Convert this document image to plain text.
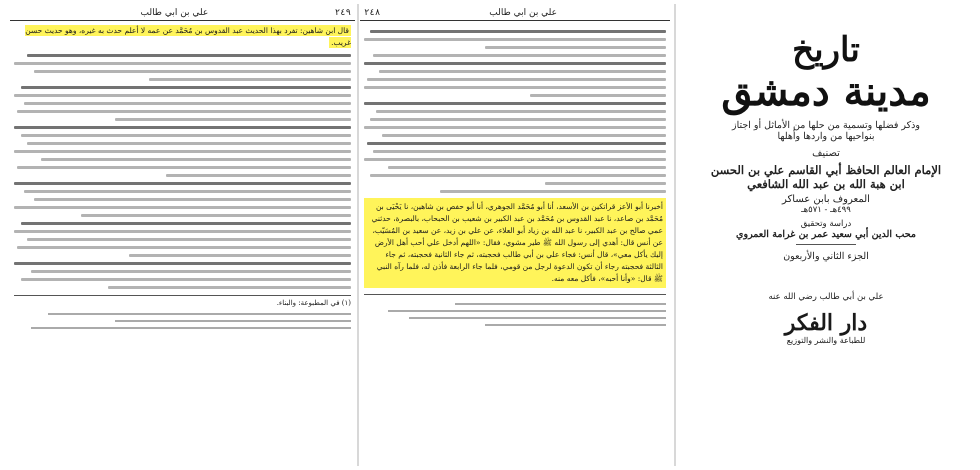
٢٤٩
علي بن أبي طالب
قال ابن شاهين: تفرد بهذا الحديث عبد القدوس بن مُحَمَّد عن عمه لا أعلم حدث به غيره، وهو حديث حسن غريب.
(١) في المطبوعة: والبناء.
علي بن أبي طالب
٢٤٨
أخبرنا أبو الأعز قراتكين بن الأسعد، أنا أبو مُحَمَّد الجوهري، أنا أبو حفص بن شاهين، نا يَحْيَى بن مُحَمَّد بن صاعد، نا عبد القدوس بن مُحَمَّد بن عبد الكبير بن شعيب بن الحبحاب، بالبصرة، حدثني عمي صالح بن عبد الكبير، نا عبد الله بن زياد أبو العلاء، عن علي بن زيد، عن سعيد بن المُسَيّب، عن أنس قال: أهدي إلى رسول الله ﷺ طير مشوي، فقال: «اللهم أدخل علي أحب أهل الأرض إليك يأكل معي»، قال أنس: فجاء علي بن أبي طالب فحجبته، ثم جاء الثانية فحجبته، ثم جاء الثالثة فحجبته رجاء أن تكون الدعوة لرجل من قومي، فلما جاء الرابعة فأذن له، فلما رآه النبي ﷺ قال: «وأنا أحبه»، فأكل معه منه.
تاريخ
مدينة دمشق
وذكر فضلها وتسمية من حلها من الأماثل أو اجتاز
بنواحيها من واردها وأهلها
تصنيف
الإمام العالم الحافظ أبي القاسم علي بن الحسن
ابن هبة الله بن عبد الله الشافعي
المعروف بابن عساكر
٤٩٩هـ - ٥٧١هـ
دراسة وتحقيق
محب الدين أبي سعيد عمر بن غرامة العمروي
الجزء الثاني والأربعون
علي بن أبي طالب رضي الله عنه
دار الفكر
للطباعة والنشر والتوزيع
